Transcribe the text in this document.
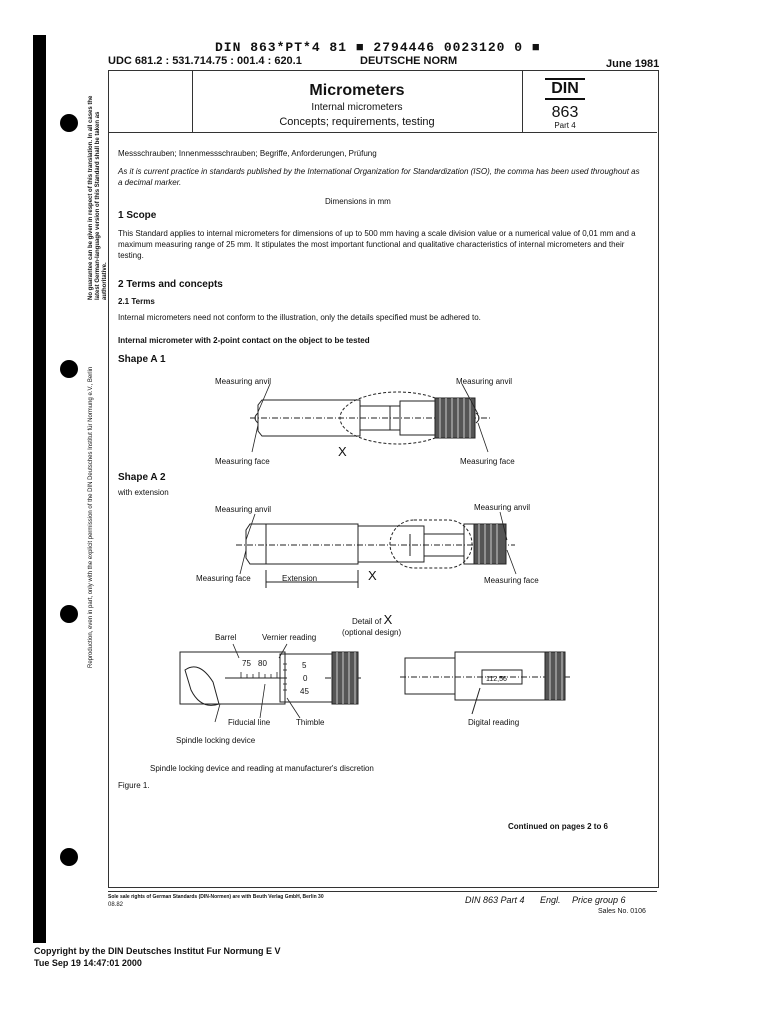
DIN 863*PT*4 81 ■ 2794446 0023120 0 ■
UDC 681.2 : 531.714.75 : 001.4 : 620.1	DEUTSCHE NORM	June 1981
Micrometers
Internal micrometers
Concepts; requirements, testing
DIN
863
Part 4
No guarantee can be given in respect of this translation. In all cases the latest German-language version of this Standard shall be taken as authoritative.
Reproduction, even in part, only with the explicit permission of the DIN Deutsches Institut für Normung e.V., Berlin
Messschrauben; Innenmessschrauben; Begriffe, Anforderungen, Prüfung
As it is current practice in standards published by the International Organization for Standardization (ISO), the comma has been used throughout as a decimal marker.
Dimensions in mm
1 Scope
This Standard applies to internal micrometers for dimensions of up to 500 mm having a scale division value or a numerical value of 0,01 mm and a maximum measuring range of 25 mm. It stipulates the most important functional and qualitative characteristics of internal micrometers and their testing.
2 Terms and concepts
2.1 Terms
Internal micrometers need not conform to the illustration, only the details specified must be adhered to.
Internal micrometer with 2-point contact on the object to be tested
Shape A 1
Shape A 2
with extension
Measuring anvil	Measuring anvil
Measuring face	Measuring face
X
Measuring anvil	Measuring anvil
Measuring face	Measuring face
Extension	X
Detail of X
(optional design)
75 80	5
0
45
Barrel	Vernier reading
Fiducial line	Thimble
Spindle locking device
112,56
Digital reading
Spindle locking device and reading at manufacturer's discretion
Figure 1.
Continued on pages 2 to 6
Sole sale rights of German Standards (DIN-Normen) are with Beuth Verlag GmbH, Berlin 30
08.82	DIN 863 Part 4 Engl. Price group 6
Sales No. 0106
Copyright by the DIN Deutsches Institut Fur Normung E V
Tue Sep 19 14:47:01 2000
